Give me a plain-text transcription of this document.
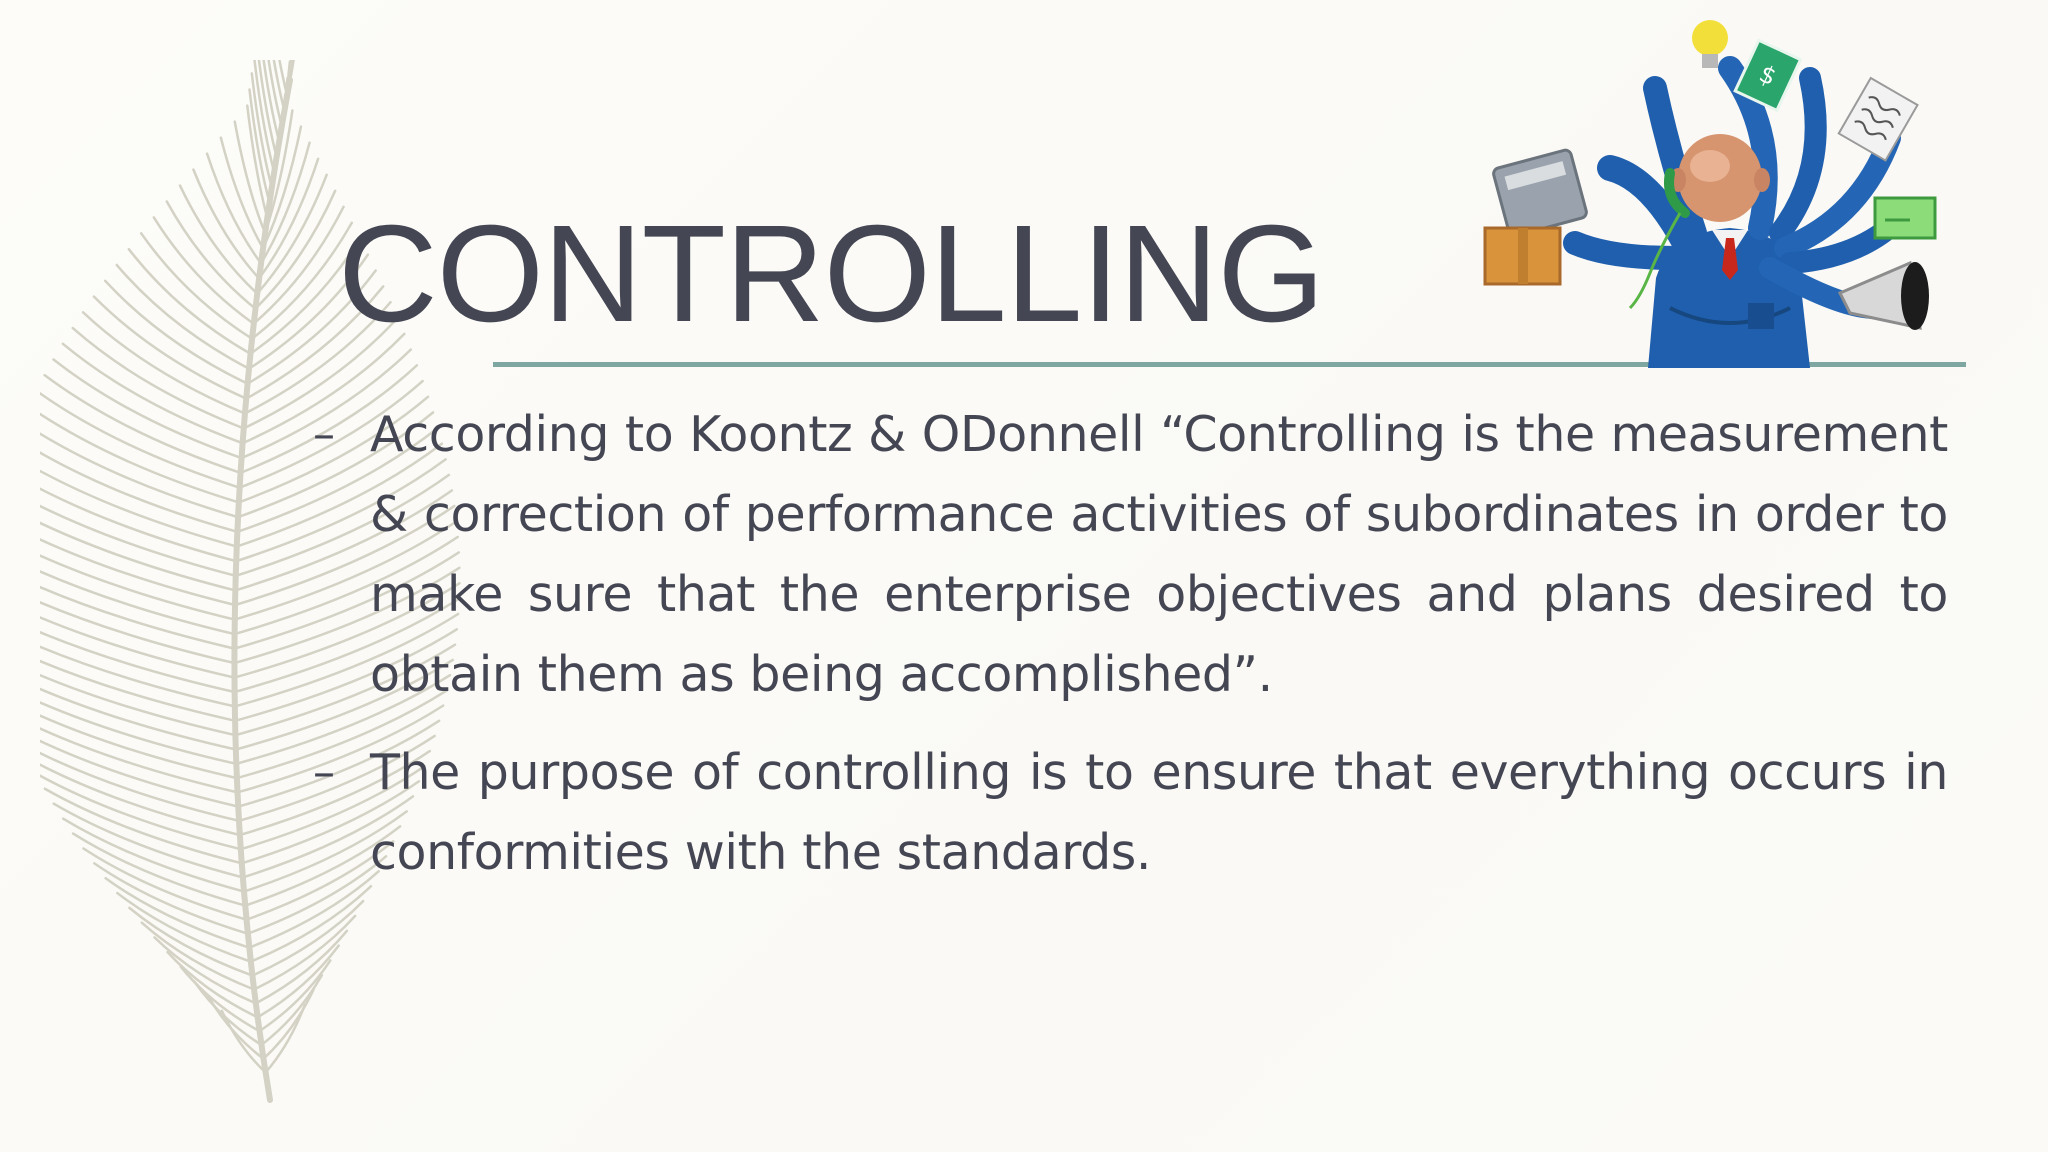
CONTROLLING
$
– According to Koontz & ODonnell “Controlling is the measurement & correction of performance activities of subordinates in order to make sure that the enterprise objectives and plans desired to obtain them as being accomplished”.
– The purpose of controlling is to ensure that everything occurs in conformities with the standards.
